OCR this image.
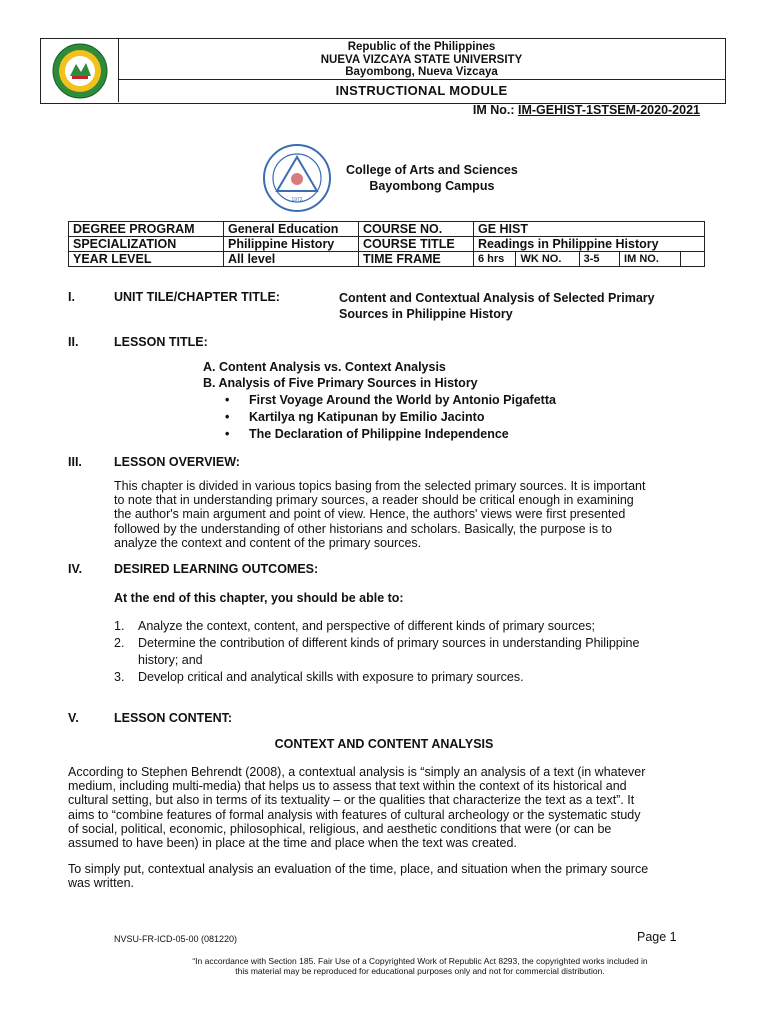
Republic of the Philippines
NUEVA VIZCAYA STATE UNIVERSITY
Bayombong, Nueva Vizcaya
INSTRUCTIONAL MODULE
IM No.: IM-GEHIST-1STSEM-2020-2021
1972
College of Arts and Sciences
Bayombong Campus
DEGREE PROGRAM	General Education	COURSE NO.	GE HIST				
SPECIALIZATION	Philippine History	COURSE TITLE	Readings in Philippine History				
YEAR LEVEL	All level	TIME FRAME	6 hrs	WK NO.	3-5	IM NO.	
I.	UNIT TILE/CHAPTER TITLE:	Content and Contextual Analysis of Selected Primary
Sources in Philippine History
II.	LESSON TITLE:
A. Content Analysis vs. Context Analysis
B. Analysis of Five Primary Sources in History
• First Voyage Around the World by Antonio Pigafetta
• Kartilya ng Katipunan by Emilio Jacinto
• The Declaration of Philippine Independence
III.	LESSON OVERVIEW:
This chapter is divided in various topics basing from the selected primary sources. It is important
to note that in understanding primary sources, a reader should be critical enough in examining
the author's main argument and point of view. Hence, the authors' views were first presented
followed by the understanding of other historians and scholars. Basically, the purpose is to
analyze the context and content of the primary sources.
IV.	DESIRED LEARNING OUTCOMES:
At the end of this chapter, you should be able to:
1. Analyze the context, content, and perspective of different kinds of primary sources;
2. Determine the contribution of different kinds of primary sources in understanding Philippine
history; and
3. Develop critical and analytical skills with exposure to primary sources.
V.	LESSON CONTENT:
CONTEXT AND CONTENT ANALYSIS
According to Stephen Behrendt (2008), a contextual analysis is “simply an analysis of a text (in whatever
medium, including multi-media) that helps us to assess that text within the context of its historical and
cultural setting, but also in terms of its textuality – or the qualities that characterize the text as a text”. It
aims to “combine features of formal analysis with features of cultural archeology or the systematic study
of social, political, economic, philosophical, religious, and aesthetic conditions that were (or can be
assumed to have been) in place at the time and place when the text was created.
To simply put, contextual analysis an evaluation of the time, place, and situation when the primary source
was written.
NVSU-FR-ICD-05-00 (081220)	Page 1
“In accordance with Section 185. Fair Use of a Copyrighted Work of Republic Act 8293, the copyrighted works included in
this material may be reproduced for educational purposes only and not for commercial distribution.
